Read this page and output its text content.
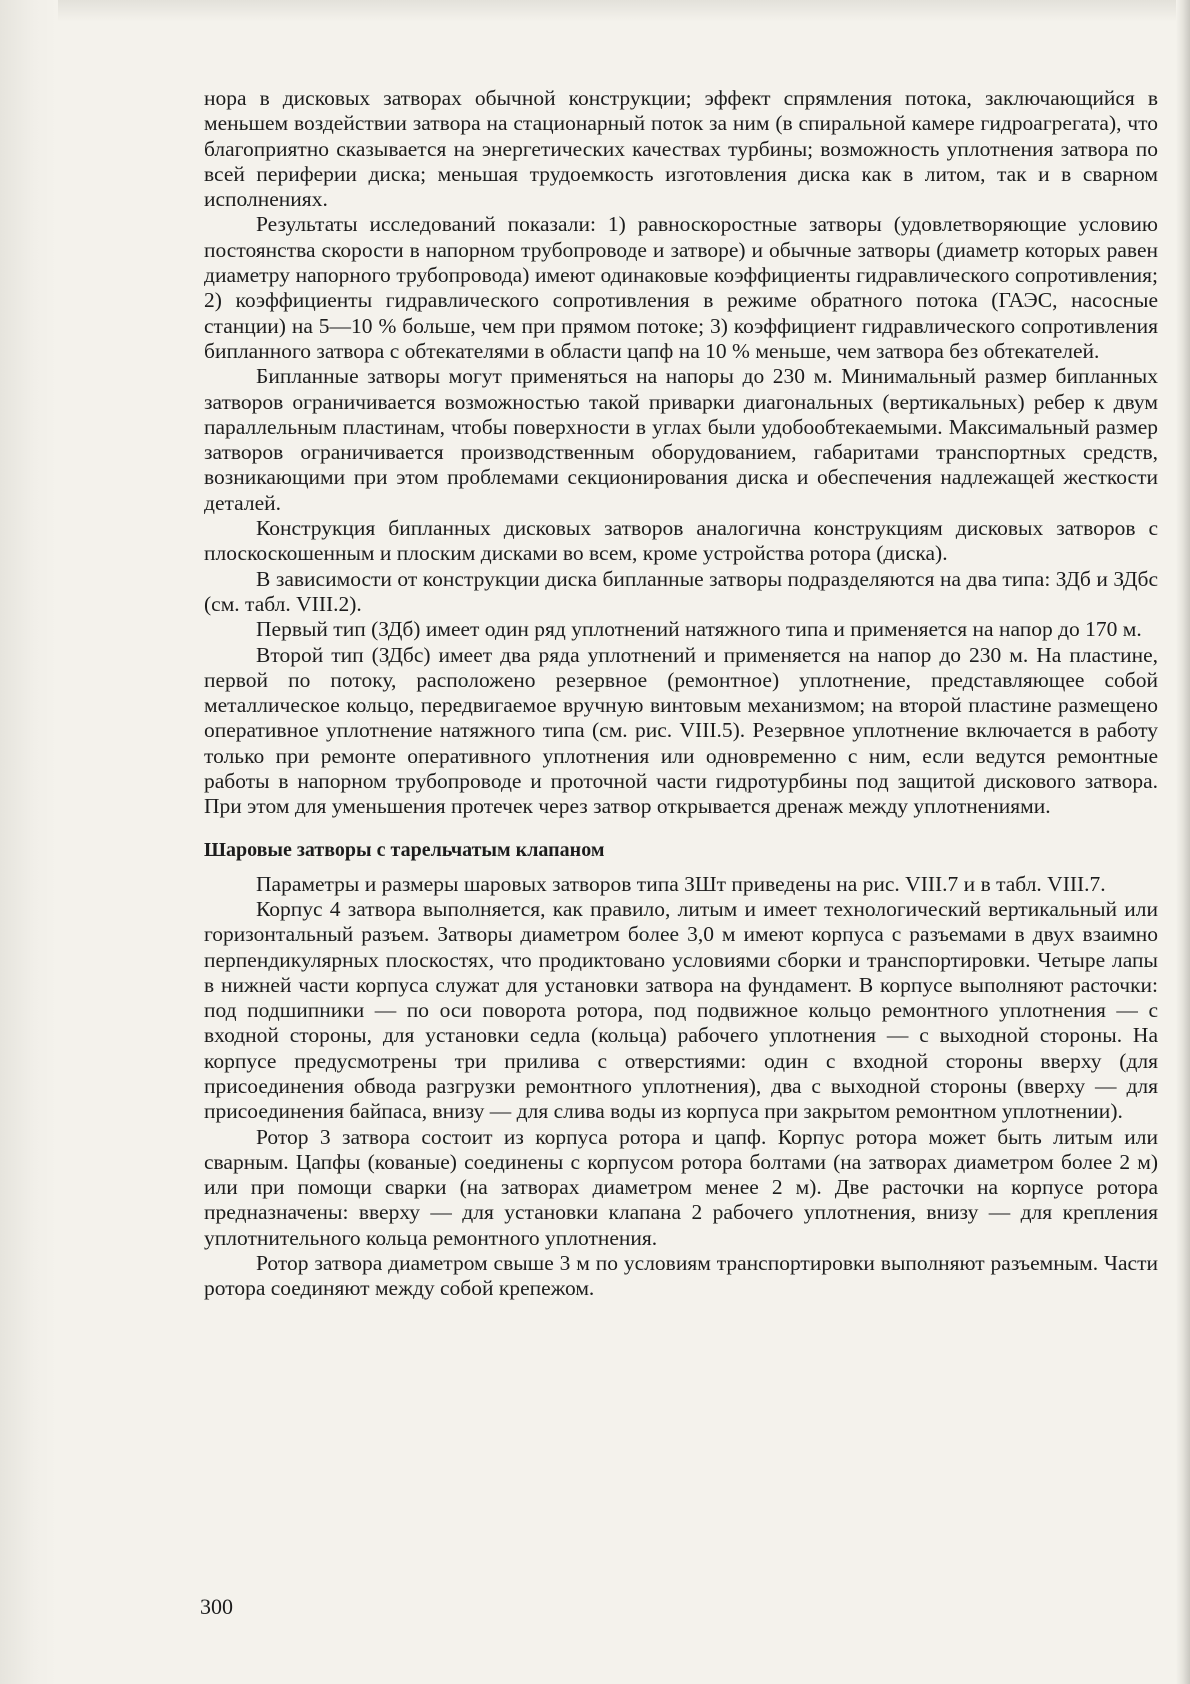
нора в дисковых затворах обычной конструкции; эффект спрямления потока, заключающийся в меньшем воздействии затвора на стационарный поток за ним (в спиральной камере гидроагрегата), что благоприятно сказывается на энергетических качествах турбины; возможность уплотнения затвора по всей периферии диска; меньшая трудоемкость изготовления диска как в литом, так и в сварном исполнениях.

Результаты исследований показали: 1) равноскоростные затворы (удовлетворяющие условию постоянства скорости в напорном трубопроводе и затворе) и обычные затворы (диаметр которых равен диаметру напорного трубопровода) имеют одинаковые коэффициенты гидравлического сопротивления; 2) коэффициенты гидравлического сопротивления в режиме обратного потока (ГАЭС, насосные станции) на 5—10 % больше, чем при прямом потоке; 3) коэффициент гидравлического сопротивления бипланного затвора с обтекателями в области цапф на 10 % меньше, чем затвора без обтекателей.

Бипланные затворы могут применяться на напоры до 230 м. Минимальный размер бипланных затворов ограничивается возможностью такой приварки диагональных (вертикальных) ребер к двум параллельным пластинам, чтобы поверхности в углах были удобообтекаемыми. Максимальный размер затворов ограничивается производственным оборудованием, габаритами транспортных средств, возникающими при этом проблемами секционирования диска и обеспечения надлежащей жесткости деталей.

Конструкция бипланных дисковых затворов аналогична конструкциям дисковых затворов с плоскоскошенным и плоским дисками во всем, кроме устройства ротора (диска).

В зависимости от конструкции диска бипланные затворы подразделяются на два типа: ЗДб и ЗДбс (см. табл. VIII.2).

Первый тип (ЗДб) имеет один ряд уплотнений натяжного типа и применяется на напор до 170 м.

Второй тип (ЗДбс) имеет два ряда уплотнений и применяется на напор до 230 м. На пластине, первой по потоку, расположено резервное (ремонтное) уплотнение, представляющее собой металлическое кольцо, передвигаемое вручную винтовым механизмом; на второй пластине размещено оперативное уплотнение натяжного типа (см. рис. VIII.5). Резервное уплотнение включается в работу только при ремонте оперативного уплотнения или одновременно с ним, если ведутся ремонтные работы в напорном трубопроводе и проточной части гидротурбины под защитой дискового затвора. При этом для уменьшения протечек через затвор открывается дренаж между уплотнениями.

Шаровые затворы с тарельчатым клапаном

Параметры и размеры шаровых затворов типа ЗШт приведены на рис. VIII.7 и в табл. VIII.7.

Корпус 4 затвора выполняется, как правило, литым и имеет технологический вертикальный или горизонтальный разъем. Затворы диаметром более 3,0 м имеют корпуса с разъемами в двух взаимно перпендикулярных плоскостях, что продиктовано условиями сборки и транспортировки. Четыре лапы в нижней части корпуса служат для установки затвора на фундамент. В корпусе выполняют расточки: под подшипники — по оси поворота ротора, под подвижное кольцо ремонтного уплотнения — с входной стороны, для установки седла (кольца) рабочего уплотнения — с выходной стороны. На корпусе предусмотрены три прилива с отверстиями: один с входной стороны вверху (для присоединения обвода разгрузки ремонтного уплотнения), два с выходной стороны (вверху — для присоединения байпаса, внизу — для слива воды из корпуса при закрытом ремонтном уплотнении).

Ротор 3 затвора состоит из корпуса ротора и цапф. Корпус ротора может быть литым или сварным. Цапфы (кованые) соединены с корпусом ротора болтами (на затворах диаметром более 2 м) или при помощи сварки (на затворах диаметром менее 2 м). Две расточки на корпусе ротора предназначены: вверху — для установки клапана 2 рабочего уплотнения, внизу — для крепления уплотнительного кольца ремонтного уплотнения.

Ротор затвора диаметром свыше 3 м по условиям транспортировки выполняют разъемным. Части ротора соединяют между собой крепежом.

300
